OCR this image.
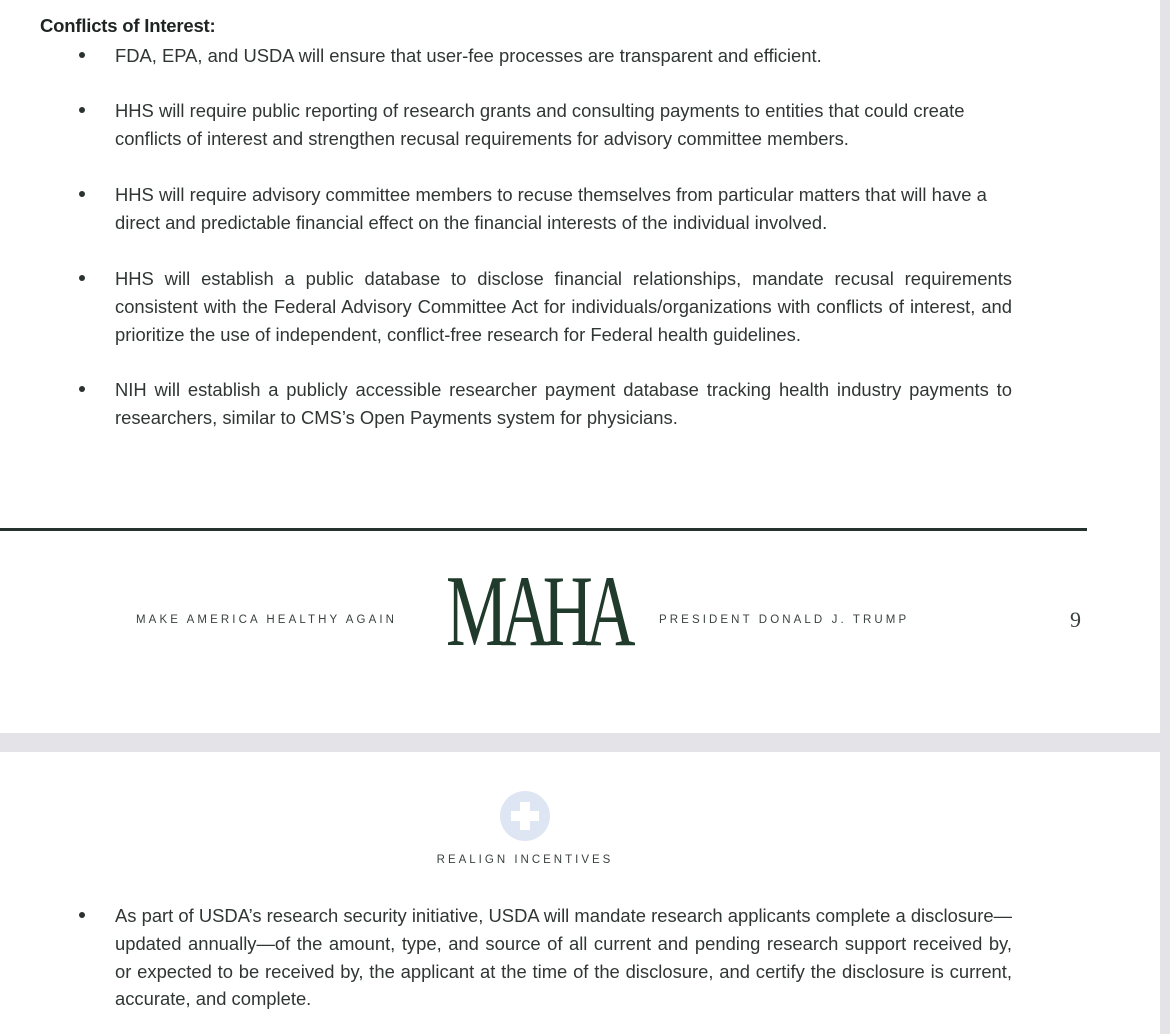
Conflicts of Interest:
FDA, EPA, and USDA will ensure that user-fee processes are transparent and efficient.
HHS will require public reporting of research grants and consulting payments to entities that could create conflicts of interest and strengthen recusal requirements for advisory committee members.
HHS will require advisory committee members to recuse themselves from particular matters that will have a direct and predictable financial effect on the financial interests of the individual involved.
HHS will establish a public database to disclose financial relationships, mandate recusal requirements consistent with the Federal Advisory Committee Act for individuals/organizations with conflicts of interest, and prioritize the use of independent, conflict-free research for Federal health guidelines.
NIH will establish a publicly accessible researcher payment database tracking health industry payments to researchers, similar to CMS’s Open Payments system for physicians.
MAKE AMERICA HEALTHY AGAIN MAHA	PRESIDENT DONALD J. TRUMP	9
REALIGN INCENTIVES
As part of USDA’s research security initiative, USDA will mandate research applicants complete a disclosure—updated annually—of the amount, type, and source of all current and pending research support received by, or expected to be received by, the applicant at the time of the disclosure, and certify the disclosure is current, accurate, and complete.
